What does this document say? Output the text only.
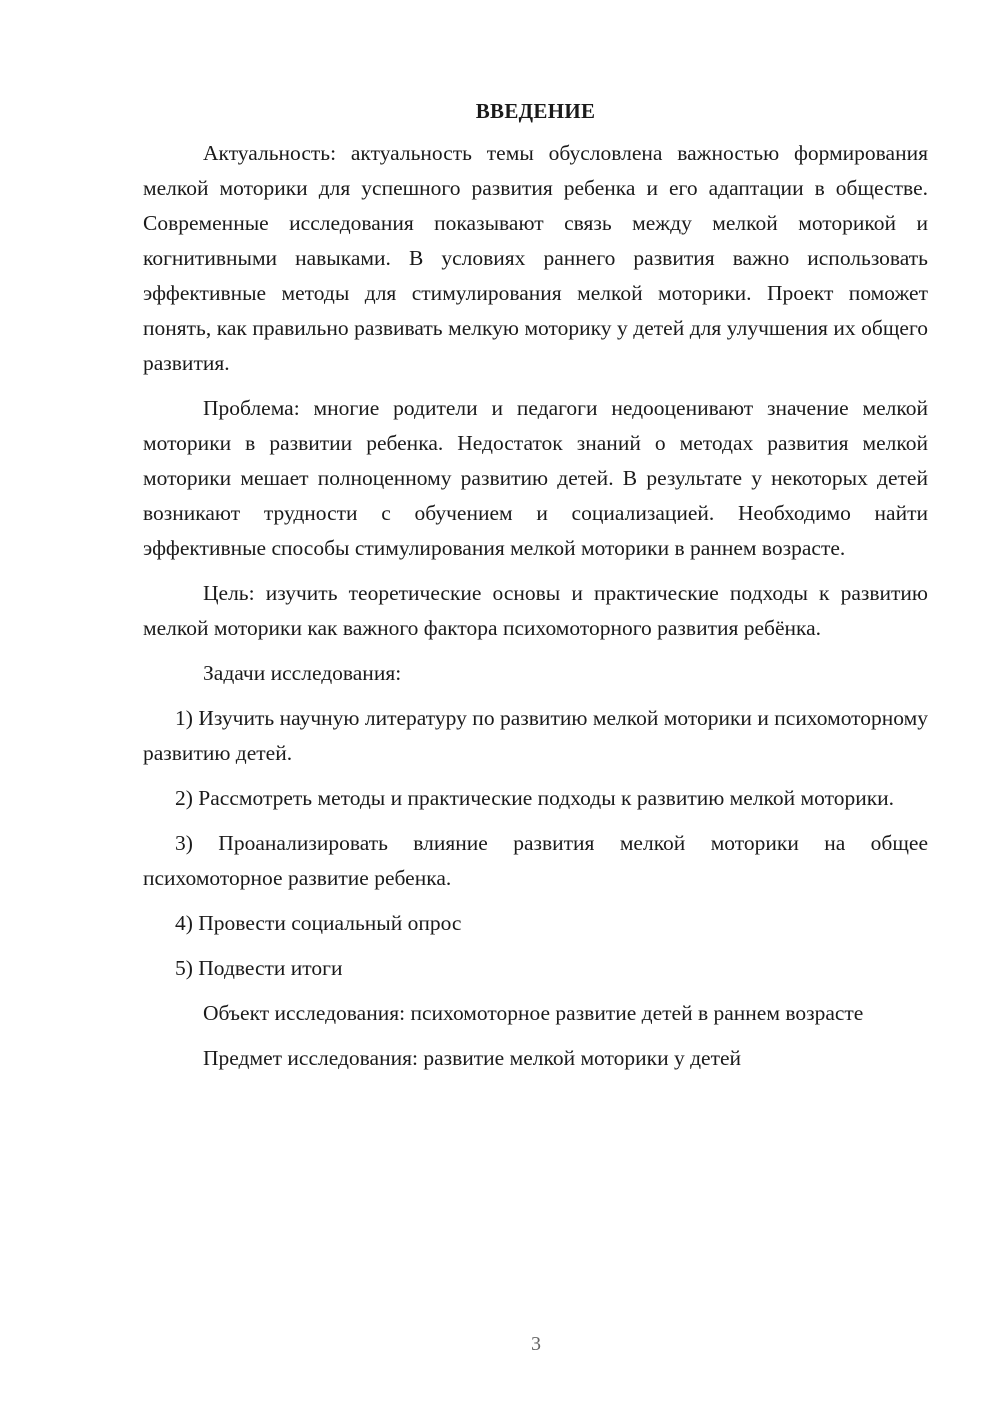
ВВЕДЕНИЕ

Актуальность: актуальность темы обусловлена важностью формирования мелкой моторики для успешного развития ребенка и его адаптации в обществе. Современные исследования показывают связь между мелкой моторикой и когнитивными навыками. В условиях раннего развития важно использовать эффективные методы для стимулирования мелкой моторики. Проект поможет понять, как правильно развивать мелкую моторику у детей для улучшения их общего развития.

Проблема: многие родители и педагоги недооценивают значение мелкой моторики в развитии ребенка. Недостаток знаний о методах развития мелкой моторики мешает полноценному развитию детей. В результате у некоторых детей возникают трудности с обучением и социализацией. Необходимо найти эффективные способы стимулирования мелкой моторики в раннем возрасте.

Цель: изучить теоретические основы и практические подходы к развитию мелкой моторики как важного фактора психомоторного развития ребёнка.

Задачи исследования:

1) Изучить научную литературу по развитию мелкой моторики и психомоторному развитию детей.

2) Рассмотреть методы и практические подходы к развитию мелкой моторики.

3) Проанализировать влияние развития мелкой моторики на общее психомоторное развитие ребенка.

4) Провести социальный опрос

5) Подвести итоги

Объект исследования: психомоторное развитие детей в раннем возрасте

Предмет исследования: развитие мелкой моторики у детей

3
